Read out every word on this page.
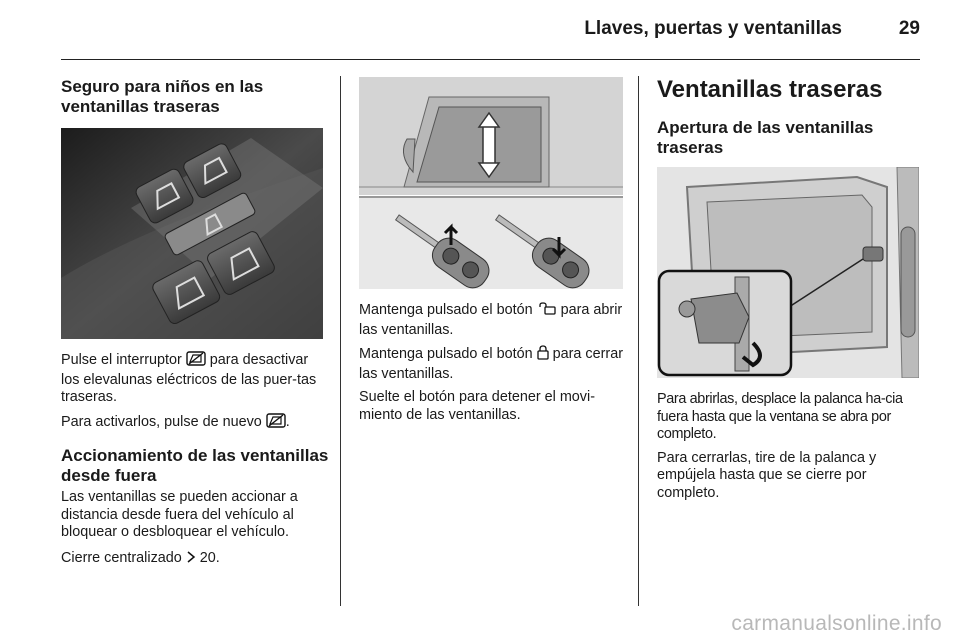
Llaves, puertas y ventanillas	29
Seguro para niños en las ventanillas traseras
Pulse el interruptor para desactivar los elevalunas eléctricos de las puer-tas traseras.
Para activarlos, pulse de nuevo .
Accionamiento de las ventanillas desde fuera
Las ventanillas se pueden accionar a distancia desde fuera del vehículo al bloquear o desbloquear el vehículo.
Cierre centralizado 20.
Mantenga pulsado el botón para abrir las ventanillas.
Mantenga pulsado el botón para cerrar las ventanillas.
Suelte el botón para detener el movi-miento de las ventanillas.
Ventanillas traseras
Apertura de las ventanillas traseras
Para abrirlas, desplace la palanca ha-cia fuera hasta que la ventana se abra por completo.
Para cerrarlas, tire de la palanca y empújela hasta que se cierre por completo.
carmanualsonline.info
